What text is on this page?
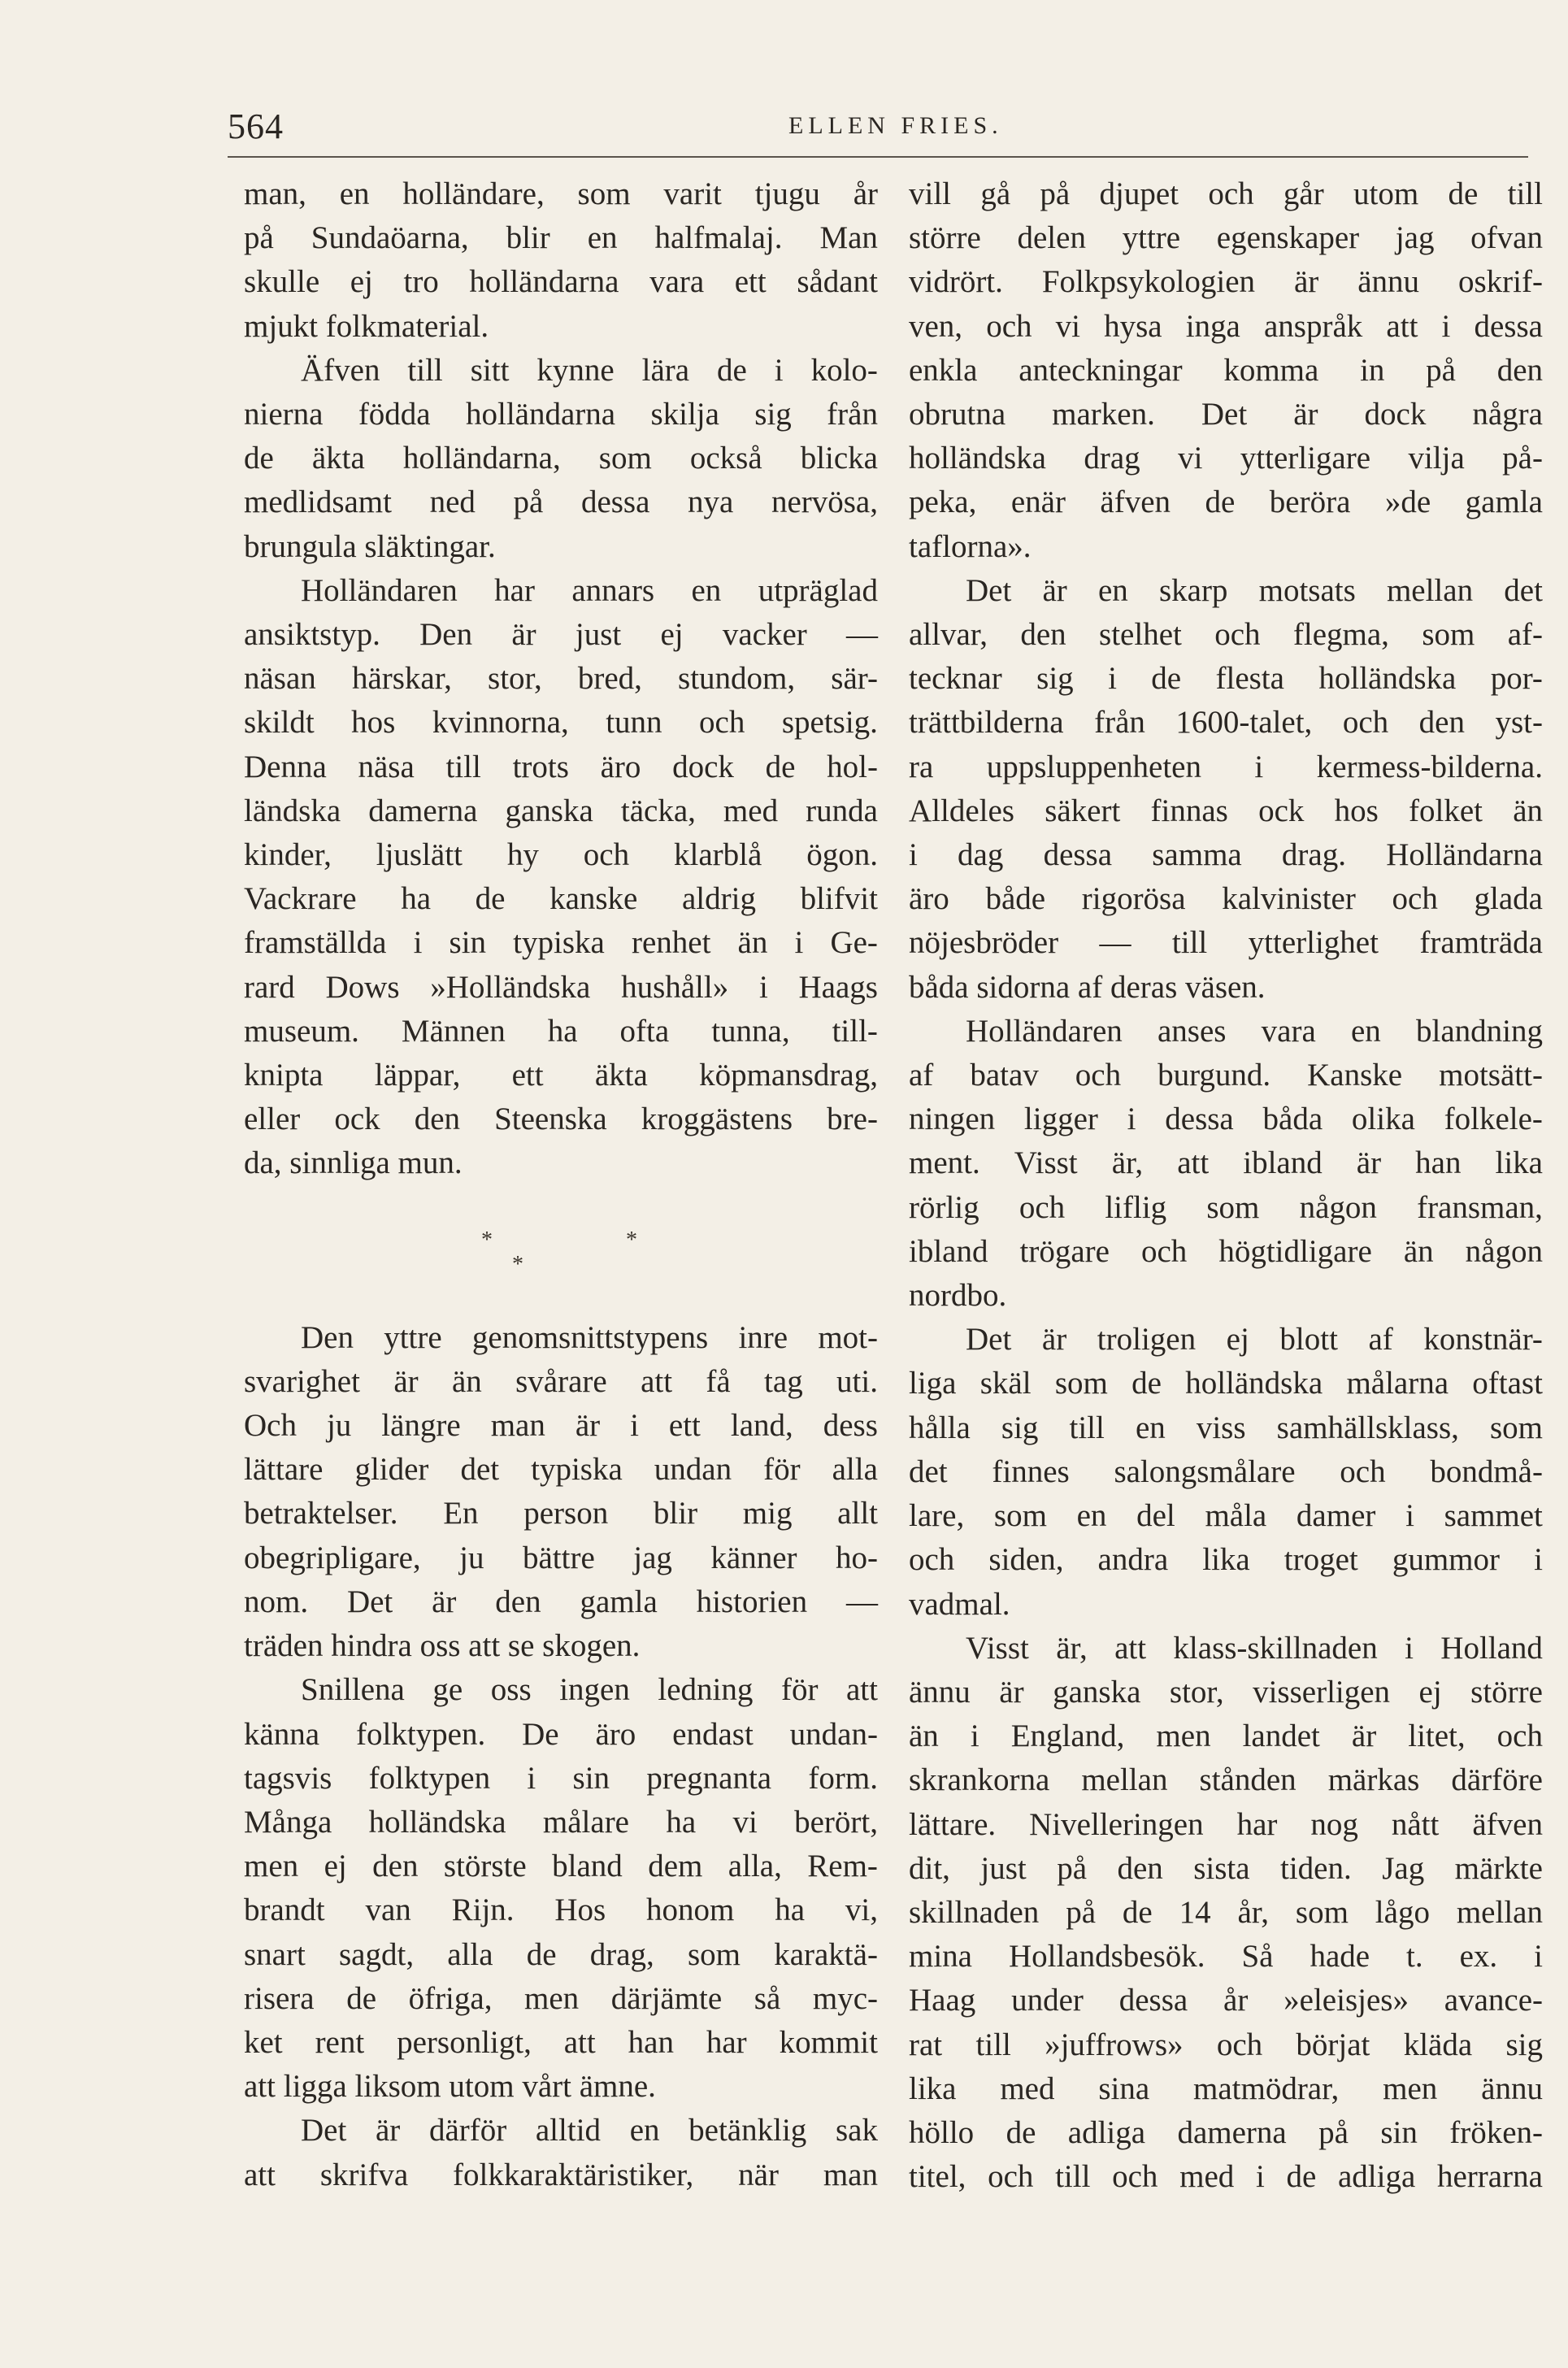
564	ELLEN FRIES.
man, en holländare, som varit tjugu år
på Sundaöarna, blir en halfmalaj. Man
skulle ej tro holländarna vara ett sådant
mjukt folkmaterial.
Äfven till sitt kynne lära de i kolo-
nierna födda holländarna skilja sig från
de äkta holländarna, som också blicka
medlidsamt ned på dessa nya nervösa,
brungula släktingar.
Holländaren har annars en utpräglad
ansiktstyp. Den är just ej vacker —
näsan härskar, stor, bred, stundom, sär-
skildt hos kvinnorna, tunn och spetsig.
Denna näsa till trots äro dock de hol-
ländska damerna ganska täcka, med runda
kinder, ljuslätt hy och klarblå ögon.
Vackrare ha de kanske aldrig blifvit
framställda i sin typiska renhet än i Ge-
rard Dows »Holländska hushåll» i Haags
museum. Männen ha ofta tunna, till-
knipta läppar, ett äkta köpmansdrag,
eller ock den Steenska kroggästens bre-
da, sinnliga mun.
*
*
*
Den yttre genomsnittstypens inre mot-
svarighet är än svårare att få tag uti.
Och ju längre man är i ett land, dess
lättare glider det typiska undan för alla
betraktelser. En person blir mig allt
obegripligare, ju bättre jag känner ho-
nom. Det är den gamla historien —
träden hindra oss att se skogen.
Snillena ge oss ingen ledning för att
känna folktypen. De äro endast undan-
tagsvis folktypen i sin pregnanta form.
Många holländska målare ha vi berört,
men ej den störste bland dem alla, Rem-
brandt van Rijn. Hos honom ha vi,
snart sagdt, alla de drag, som karaktä-
risera de öfriga, men därjämte så myc-
ket rent personligt, att han har kommit
att ligga liksom utom vårt ämne.
Det är därför alltid en betänklig sak
att skrifva folkkaraktäristiker, när man
vill gå på djupet och går utom de till
större delen yttre egenskaper jag ofvan
vidrört. Folkpsykologien är ännu oskrif-
ven, och vi hysa inga anspråk att i dessa
enkla anteckningar komma in på den
obrutna marken. Det är dock några
holländska drag vi ytterligare vilja på-
peka, enär äfven de beröra »de gamla
taflorna».
Det är en skarp motsats mellan det
allvar, den stelhet och flegma, som af-
tecknar sig i de flesta holländska por-
trättbilderna från 1600-talet, och den yst-
ra uppsluppenheten i kermess-bilderna.
Alldeles säkert finnas ock hos folket än
i dag dessa samma drag. Holländarna
äro både rigorösa kalvinister och glada
nöjesbröder — till ytterlighet framträda
båda sidorna af deras väsen.
Holländaren anses vara en blandning
af batav och burgund. Kanske motsätt-
ningen ligger i dessa båda olika folkele-
ment. Visst är, att ibland är han lika
rörlig och liflig som någon fransman,
ibland trögare och högtidligare än någon
nordbo.
Det är troligen ej blott af konstnär-
liga skäl som de holländska målarna oftast
hålla sig till en viss samhällsklass, som
det finnes salongsmålare och bondmå-
lare, som en del måla damer i sammet
och siden, andra lika troget gummor i
vadmal.
Visst är, att klass-skillnaden i Holland
ännu är ganska stor, visserligen ej större
än i England, men landet är litet, och
skrankorna mellan stånden märkas därföre
lättare. Nivelleringen har nog nått äfven
dit, just på den sista tiden. Jag märkte
skillnaden på de 14 år, som lågo mellan
mina Hollandsbesök. Så hade t. ex. i
Haag under dessa år »eleisjes» avance-
rat till »juffrows» och börjat kläda sig
lika med sina matmödrar, men ännu
höllo de adliga damerna på sin fröken-
titel, och till och med i de adliga herrarna
